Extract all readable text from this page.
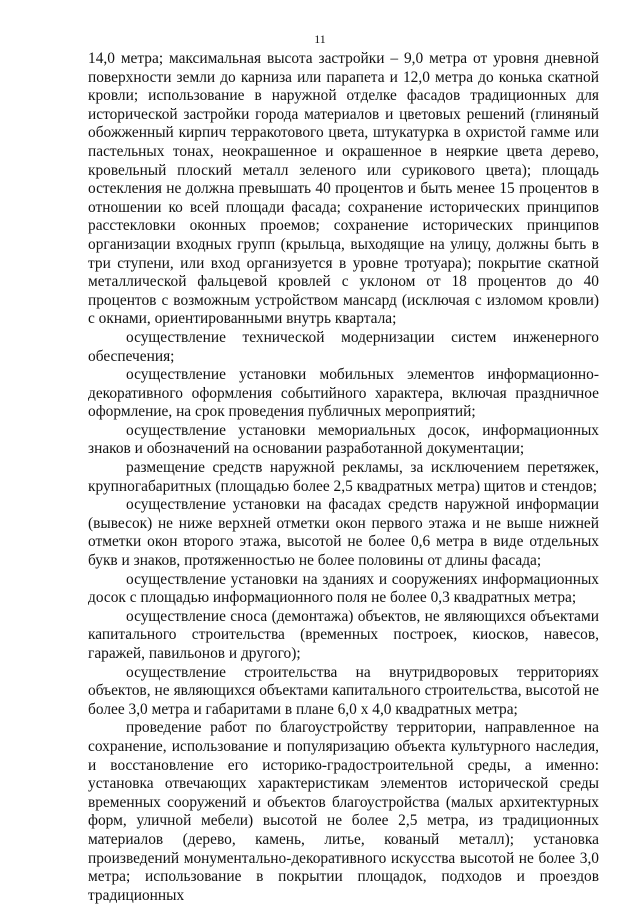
11

14,0 метра; максимальная высота застройки – 9,0 метра от уровня дневной поверхности земли до карниза или парапета и 12,0 метра до конька скатной кровли; использование в наружной отделке фасадов традиционных для исторической застройки города материалов и цветовых решений (глиняный обожженный кирпич терракотового цвета, штукатурка в охристой гамме или пастельных тонах, неокрашенное и окрашенное в неяркие цвета дерево, кровельный плоский металл зеленого или сурикового цвета); площадь остекления не должна превышать 40 процентов и быть менее 15 процентов в отношении ко всей площади фасада; сохранение исторических принципов расстекловки оконных проемов; сохранение исторических принципов организации входных групп (крыльца, выходящие на улицу, должны быть в три ступени, или вход организуется в уровне тротуара); покрытие скатной металлической фальцевой кровлей с уклоном от 18 процентов до 40 процентов с возможным устройством мансард (исключая с изломом кровли) с окнами, ориентированными внутрь квартала;

осуществление технической модернизации систем инженерного обеспечения;

осуществление установки мобильных элементов информационно-декоративного оформления событийного характера, включая праздничное оформление, на срок проведения публичных мероприятий;

осуществление установки мемориальных досок, информационных знаков и обозначений на основании разработанной документации;

размещение средств наружной рекламы, за исключением перетяжек, крупногабаритных (площадью более 2,5 квадратных метра) щитов и стендов;

осуществление установки на фасадах средств наружной информации (вывесок) не ниже верхней отметки окон первого этажа и не выше нижней отметки окон второго этажа, высотой не более 0,6 метра в виде отдельных букв и знаков, протяженностью не более половины от длины фасада;

осуществление установки на зданиях и сооружениях информационных досок с площадью информационного поля не более 0,3 квадратных метра;

осуществление сноса (демонтажа) объектов, не являющихся объектами капитального строительства (временных построек, киосков, навесов, гаражей, павильонов и другого);

осуществление строительства на внутридворовых территориях объектов, не являющихся объектами капитального строительства, высотой не более 3,0 метра и габаритами в плане 6,0 х 4,0 квадратных метра;

проведение работ по благоустройству территории, направленное на сохранение, использование и популяризацию объекта культурного наследия, и восстановление его историко-градостроительной среды, а именно: установка отвечающих характеристикам элементов исторической среды временных сооружений и объектов благоустройства (малых архитектурных форм, уличной мебели) высотой не более 2,5 метра, из традиционных материалов (дерево, камень, литье, кованый металл); установка произведений монументально-декоративного искусства высотой не более 3,0 метра; использование в покрытии площадок, подходов и проездов традиционных
